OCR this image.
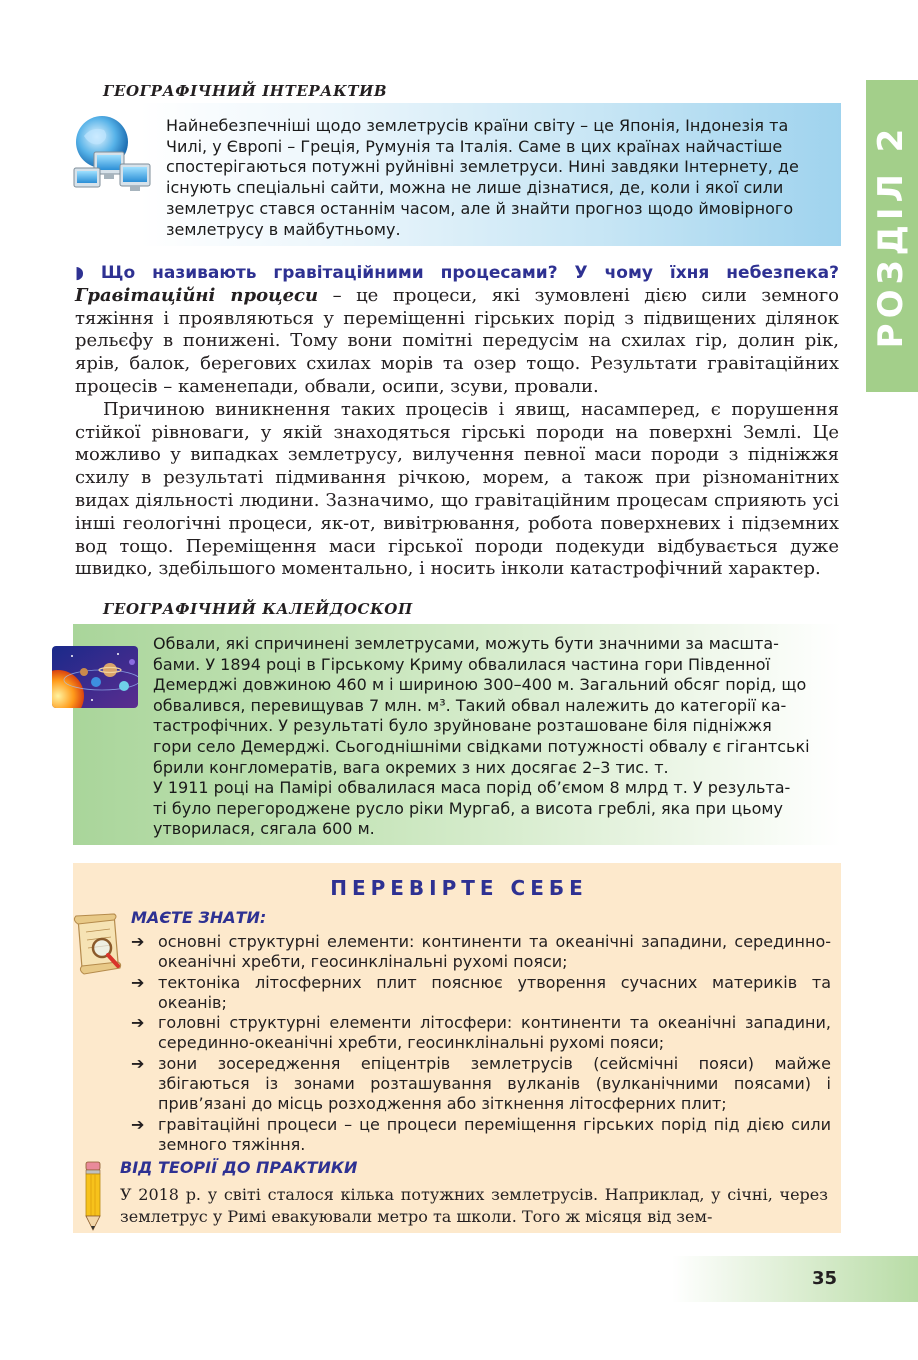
РОЗДІЛ 2
ГЕОГРАФІЧНИЙ ІНТЕРАКТИВ
Найнебезпечніші щодо землетрусів країни світу – це Японія, Індонезія та
Чилі, у Європі – Греція, Румунія та Італія. Саме в цих країнах найчастіше
спостерігаються потужні руйнівні землетруси. Нині завдяки Інтернету, де
існують спеціальні сайти, можна не лише дізнатися, де, коли і якої сили
землетрус стався останнім часом, але й знайти прогноз щодо ймовірного
землетрусу в майбутньому.

◗ Що називають гравітаційними процесами? У чому їхня небезпека? Гравітаційні процеси – це процеси, які зумовлені дією сили земного тяжіння і проявляються у переміщенні гірських порід з підвищених ділянок рельєфу в понижені. Тому вони помітні передусім на схилах гір, долин рік, ярів, балок, берегових схилах морів та озер тощо. Результати гравітаційних процесів – каменепади, обвали, осипи, зсуви, провали.

Причиною виникнення таких процесів і явищ, насамперед, є порушення стійкої рівноваги, у якій знаходяться гірські породи на поверхні Землі. Це можливо у випадках землетрусу, вилучення певної маси породи з підніжжя схилу в результаті підмивання річкою, морем, а також при різноманітних видах діяльності людини. Зазначимо, що гравітаційним процесам сприяють усі інші геологічні процеси, як-от, вивітрювання, робота поверхневих і підземних вод тощо. Переміщення маси гірської породи подекуди відбувається дуже швидко, здебільшого моментально, і носить інколи катастрофічний характер.

ГЕОГРАФІЧНИЙ КАЛЕЙДОСКОП
Обвали, які спричинені землетрусами, можуть бути значними за масшта-
бами. У 1894 році в Гірському Криму обвалилася частина гори Південної
Демерджі довжиною 460 м і шириною 300–400 м. Загальний обсяг порід, що
обвалився, перевищував 7 млн. м³. Такий обвал належить до категорії ка-
тастрофічних. У результаті було зруйноване розташоване біля підніжжя
гори село Демерджі. Сьогоднішніми свідками потужності обвалу є гігантські
брили конгломератів, вага окремих з них досягає 2–3 тис. т.
У 1911 році на Памірі обвалилася маса порід об’ємом 8 млрд т. У результа-
ті було перегороджене русло ріки Мургаб, а висота греблі, яка при цьому
утворилася, сягала 600 м.
ПЕРЕВІРТЕ СЕБЕ
МАЄТЕ ЗНАТИ:
➔ основні структурні елементи: континенти та океанічні западини, серединно-океанічні хребти, геосинклінальні рухомі пояси;
➔ тектоніка літосферних плит пояснює утворення сучасних материків та океанів;
➔ головні структурні елементи літосфери: континенти та океанічні западини, серединно-океанічні хребти, геосинклінальні рухомі пояси;
➔ зони зосередження епіцентрів землетрусів (сейсмічні пояси) майже збігаються із зонами розташування вулканів (вулканічними поясами) і прив’язані до місць розходження або зіткнення літосферних плит;
➔ гравітаційні процеси – це процеси переміщення гірських порід під дією сили земного тяжіння.
ВІД ТЕОРІЇ ДО ПРАКТИКИ
У 2018 р. у світі сталося кілька потужних землетрусів. Наприклад, у січні, через землетрус у Римі евакуювали метро та школи. Того ж місяця від зем-
35
